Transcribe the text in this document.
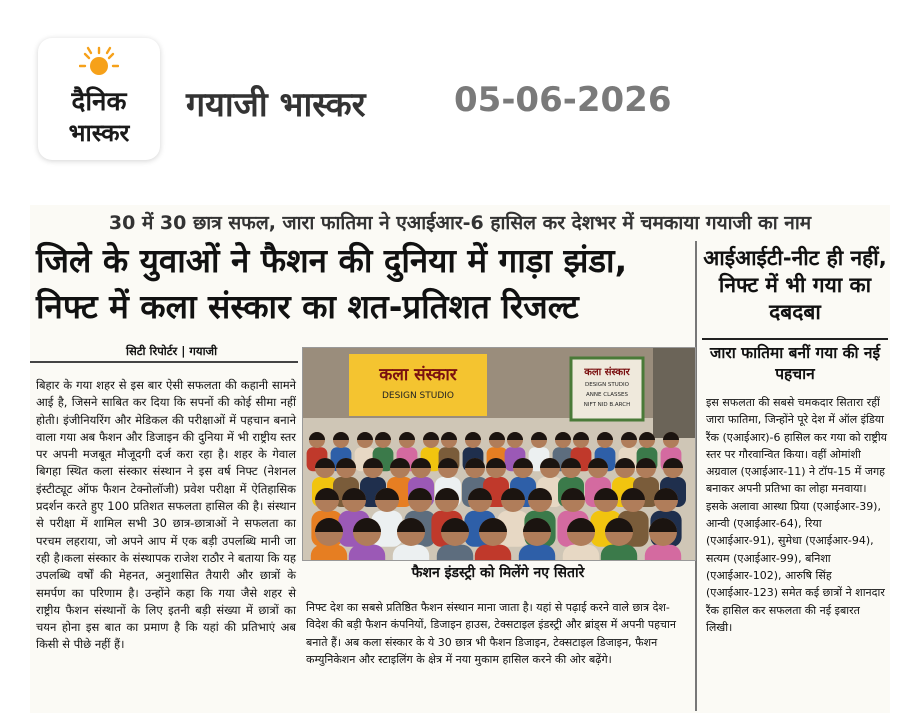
दैनिक
भास्कर
गयाजी भास्कर	05-06-2026
30 में 30 छात्र सफल, जारा फातिमा ने एआईआर-6 हासिल कर देशभर में चमकाया गयाजी का नाम
जिले के युवाओं ने फैशन की दुनिया में गाड़ा झंडा,
निफ्ट में कला संस्कार का शत-प्रतिशत रिजल्ट
आईआईटी-नीट ही नहीं, निफ्ट में भी गया का दबदबा
जारा फातिमा बनीं गया की नई पहचान

इस सफलता की सबसे चमकदार सितारा रहीं जारा फातिमा, जिन्होंने पूरे देश में ऑल इंडिया रैंक (एआईआर)-6 हासिल कर गया को राष्ट्रीय स्तर पर गौरवान्वित किया। वहीं ओमांशी अग्रवाल (एआईआर-11) ने टॉप-15 में जगह बनाकर अपनी प्रतिभा का लोहा मनवाया। इसके अलावा आस्था प्रिया (एआईआर-39), आन्वी (एआईआर-64), रिया (एआईआर-91), सुमेधा (एआईआर-94), सत्यम (एआईआर-99), बनिशा (एआईआर-102), आरुषि सिंह (एआईआर-123) समेत कई छात्रों ने शानदार रैंक हासिल कर सफलता की नई इबारत लिखी।

सिटी रिपोर्टर | गयाजी

बिहार के गया शहर से इस बार ऐसी सफलता की कहानी सामने आई है, जिसने साबित कर दिया कि सपनों की कोई सीमा नहीं होती। इंजीनियरिंग और मेडिकल की परीक्षाओं में पहचान बनाने वाला गया अब फैशन और डिजाइन की दुनिया में भी राष्ट्रीय स्तर पर अपनी मजबूत मौजूदगी दर्ज करा रहा है। शहर के गेवाल बिगहा स्थित कला संस्कार संस्थान ने इस वर्ष निफ्ट (नेशनल इंस्टीट्यूट ऑफ फैशन टेक्नोलॉजी) प्रवेश परीक्षा में ऐतिहासिक प्रदर्शन करते हुए 100 प्रतिशत सफलता हासिल की है। संस्थान से परीक्षा में शामिल सभी 30 छात्र-छात्राओं ने सफलता का परचम लहराया, जो अपने आप में एक बड़ी उपलब्धि मानी जा रही है।कला संस्कार के संस्थापक राजेश राठौर ने बताया कि यह उपलब्धि वर्षों की मेहनत, अनुशासित तैयारी और छात्रों के समर्पण का परिणाम है। उन्होंने कहा कि गया जैसे शहर से राष्ट्रीय फैशन संस्थानों के लिए इतनी बड़ी संख्या में छात्रों का चयन होना इस बात का प्रमाण है कि यहां की प्रतिभाएं अब किसी से पीछे नहीं हैं।

कला संस्कार
DESIGN STUDIO
कला संस्कार
DESIGN STUDIO
ANNE CLASSES
NIFT NID B.ARCH
फैशन इंडस्ट्री को मिलेंगे नए सितारे

निफ्ट देश का सबसे प्रतिष्ठित फैशन संस्थान माना जाता है। यहां से पढ़ाई करने वाले छात्र देश-विदेश की बड़ी फैशन कंपनियों, डिजाइन हाउस, टेक्सटाइल इंडस्ट्री और ब्रांड्स में अपनी पहचान बनाते हैं। अब कला संस्कार के ये 30 छात्र भी फैशन डिजाइन, टेक्सटाइल डिजाइन, फैशन कम्युनिकेशन और स्टाइलिंग के क्षेत्र में नया मुकाम हासिल करने की ओर बढ़ेंगे।
